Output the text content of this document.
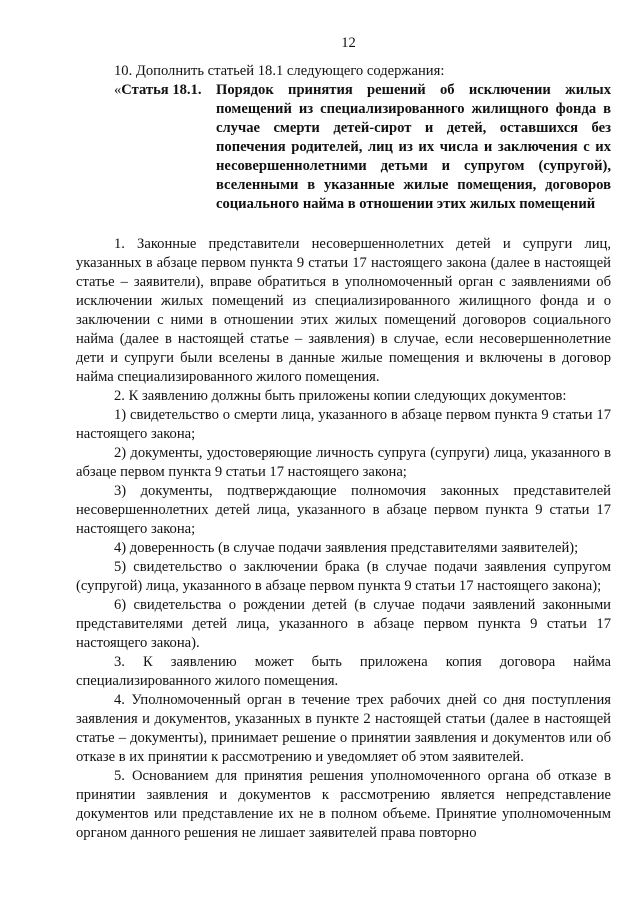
12
10. Дополнить статьей 18.1 следующего содержания:
«Статья 18.1. Порядок принятия решений об исключении жилых помещений из специализированного жилищного фонда в случае смерти детей-сирот и детей, оставшихся без попечения родителей, лиц из их числа и заключения с их несовершеннолетними детьми и супругом (супругой), вселенными в указанные жилые помещения, договоров социального найма в отношении этих жилых помещений

1. Законные представители несовершеннолетних детей и супруги лиц, указанных в абзаце первом пункта 9 статьи 17 настоящего закона (далее в настоящей статье – заявители), вправе обратиться в уполномоченный орган с заявлениями об исключении жилых помещений из специализированного жилищного фонда и о заключении с ними в отношении этих жилых помещений договоров социального найма (далее в настоящей статье – заявления) в случае, если несовершеннолетние дети и супруги были вселены в данные жилые помещения и включены в договор найма специализированного жилого помещения.

2. К заявлению должны быть приложены копии следующих документов:

1) свидетельство о смерти лица, указанного в абзаце первом пункта 9 статьи 17 настоящего закона;

2) документы, удостоверяющие личность супруга (супруги) лица, указанного в абзаце первом пункта 9 статьи 17 настоящего закона;

3) документы, подтверждающие полномочия законных представителей несовершеннолетних детей лица, указанного в абзаце первом пункта 9 статьи 17 настоящего закона;

4) доверенность (в случае подачи заявления представителями заявителей);

5) свидетельство о заключении брака (в случае подачи заявления супругом (супругой) лица, указанного в абзаце первом пункта 9 статьи 17 настоящего закона);

6) свидетельства о рождении детей (в случае подачи заявлений законными представителями детей лица, указанного в абзаце первом пункта 9 статьи 17 настоящего закона).

3. К заявлению может быть приложена копия договора найма специализированного жилого помещения.

4. Уполномоченный орган в течение трех рабочих дней со дня поступления заявления и документов, указанных в пункте 2 настоящей статьи (далее в настоящей статье – документы), принимает решение о принятии заявления и документов или об отказе в их принятии к рассмотрению и уведомляет об этом заявителей.

5. Основанием для принятия решения уполномоченного органа об отказе в принятии заявления и документов к рассмотрению является непредставление документов или представление их не в полном объеме. Принятие уполномоченным органом данного решения не лишает заявителей права повторно
